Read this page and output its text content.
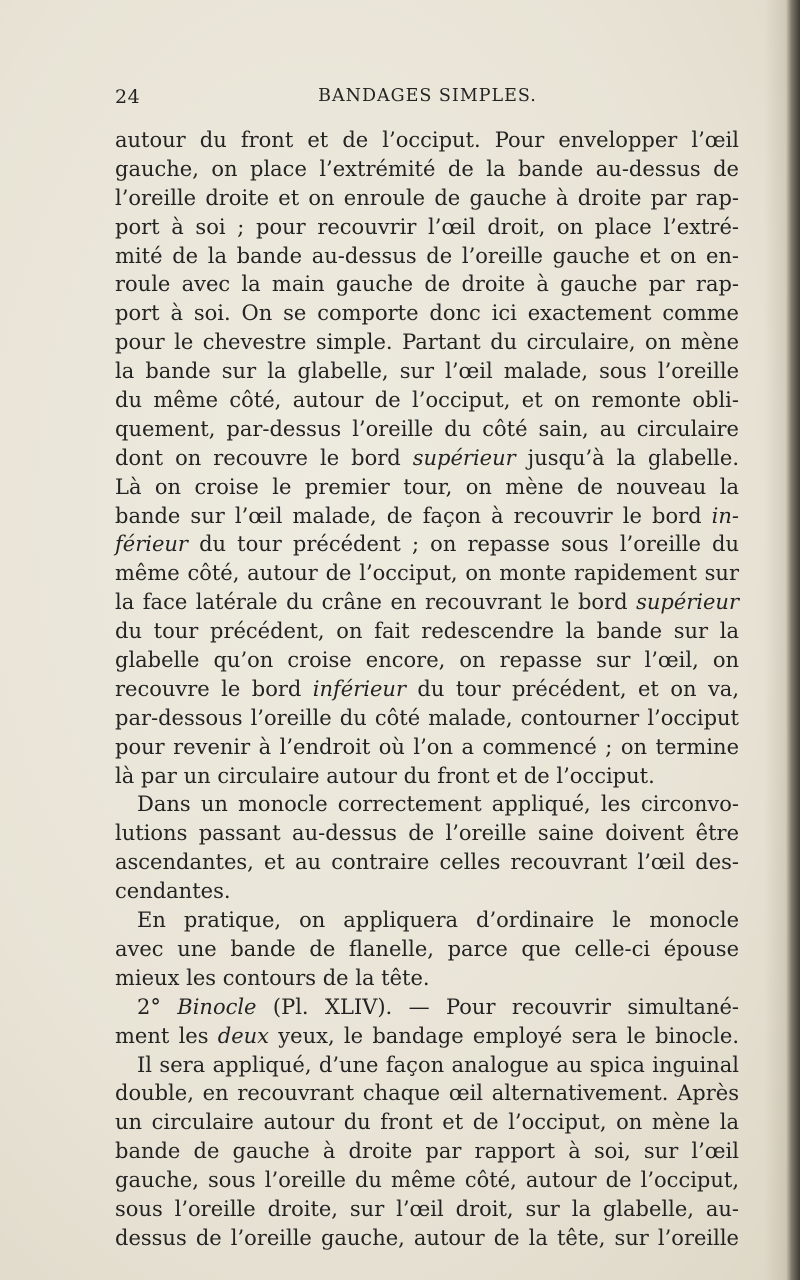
24	BANDAGES SIMPLES.
autour du front et de l’occiput. Pour envelopper l’œil
gauche, on place l’extrémité de la bande au-dessus de
l’oreille droite et on enroule de gauche à droite par rap-
port à soi ; pour recouvrir l’œil droit, on place l’extré-
mité de la bande au-dessus de l’oreille gauche et on en-
roule avec la main gauche de droite à gauche par rap-
port à soi. On se comporte donc ici exactement comme
pour le chevestre simple. Partant du circulaire, on mène
la bande sur la glabelle, sur l’œil malade, sous l’oreille
du même côté, autour de l’occiput, et on remonte obli-
quement, par-dessus l’oreille du côté sain, au circulaire
dont on recouvre le bord supérieur jusqu’à la glabelle.
Là on croise le premier tour, on mène de nouveau la
bande sur l’œil malade, de façon à recouvrir le bord in-
férieur du tour précédent ; on repasse sous l’oreille du
même côté, autour de l’occiput, on monte rapidement sur
la face latérale du crâne en recouvrant le bord supérieur
du tour précédent, on fait redescendre la bande sur la
glabelle qu’on croise encore, on repasse sur l’œil, on
recouvre le bord inférieur du tour précédent, et on va,
par-dessous l’oreille du côté malade, contourner l’occiput
pour revenir à l’endroit où l’on a commencé ; on termine
là par un circulaire autour du front et de l’occiput.
Dans un monocle correctement appliqué, les circonvo-
lutions passant au-dessus de l’oreille saine doivent être
ascendantes, et au contraire celles recouvrant l’œil des-
cendantes.
En pratique, on appliquera d’ordinaire le monocle
avec une bande de flanelle, parce que celle-ci épouse
mieux les contours de la tête.
2° Binocle (Pl. XLIV). — Pour recouvrir simultané-
ment les deux yeux, le bandage employé sera le binocle.
Il sera appliqué, d’une façon analogue au spica inguinal
double, en recouvrant chaque œil alternativement. Après
un circulaire autour du front et de l’occiput, on mène la
bande de gauche à droite par rapport à soi, sur l’œil
gauche, sous l’oreille du même côté, autour de l’occiput,
sous l’oreille droite, sur l’œil droit, sur la glabelle, au-
dessus de l’oreille gauche, autour de la tête, sur l’oreille
